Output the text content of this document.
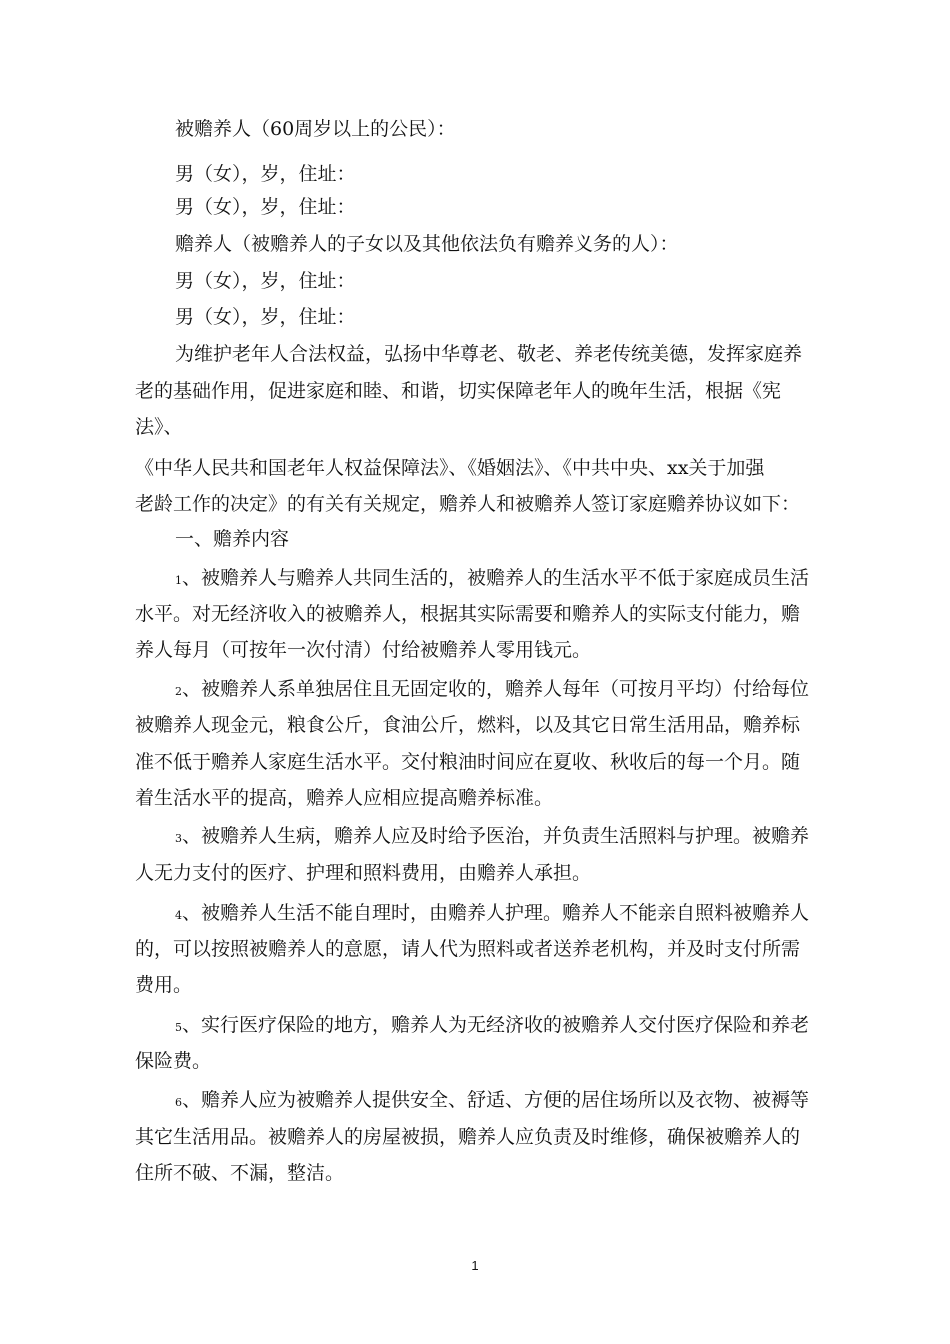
被赡养人（60周岁以上的公民）：
男（女），岁，住址：
男（女），岁，住址：
赡养人（被赡养人的子女以及其他依法负有赡养义务的人）：
男（女），岁，住址：
男（女），岁，住址：
为维护老年人合法权益，弘扬中华尊老、敬老、养老传统美德，发挥家庭养
老的基础作用，促进家庭和睦、和谐，切实保障老年人的晚年生活，根据《宪
法》、
《中华人民共和国老年人权益保障法》、《婚姻法》、《中共中央、xx关于加强
老龄工作的决定》的有关有关规定，赡养人和被赡养人签订家庭赡养协议如下：
一、赡养内容
1、被赡养人与赡养人共同生活的，被赡养人的生活水平不低于家庭成员生活
水平。对无经济收入的被赡养人，根据其实际需要和赡养人的实际支付能力，赡
养人每月（可按年一次付清）付给被赡养人零用钱元。
2、被赡养人系单独居住且无固定收的，赡养人每年（可按月平均）付给每位
被赡养人现金元，粮食公斤，食油公斤，燃料，以及其它日常生活用品，赡养标
准不低于赡养人家庭生活水平。交付粮油时间应在夏收、秋收后的每一个月。随
着生活水平的提高，赡养人应相应提高赡养标准。
3、被赡养人生病，赡养人应及时给予医治，并负责生活照料与护理。被赡养
人无力支付的医疗、护理和照料费用，由赡养人承担。
4、被赡养人生活不能自理时，由赡养人护理。赡养人不能亲自照料被赡养人
的，可以按照被赡养人的意愿，请人代为照料或者送养老机构，并及时支付所需
费用。
5、实行医疗保险的地方，赡养人为无经济收的被赡养人交付医疗保险和养老
保险费。
6、赡养人应为被赡养人提供安全、舒适、方便的居住场所以及衣物、被褥等
其它生活用品。被赡养人的房屋被损，赡养人应负责及时维修，确保被赡养人的
住所不破、不漏，整洁。
1
